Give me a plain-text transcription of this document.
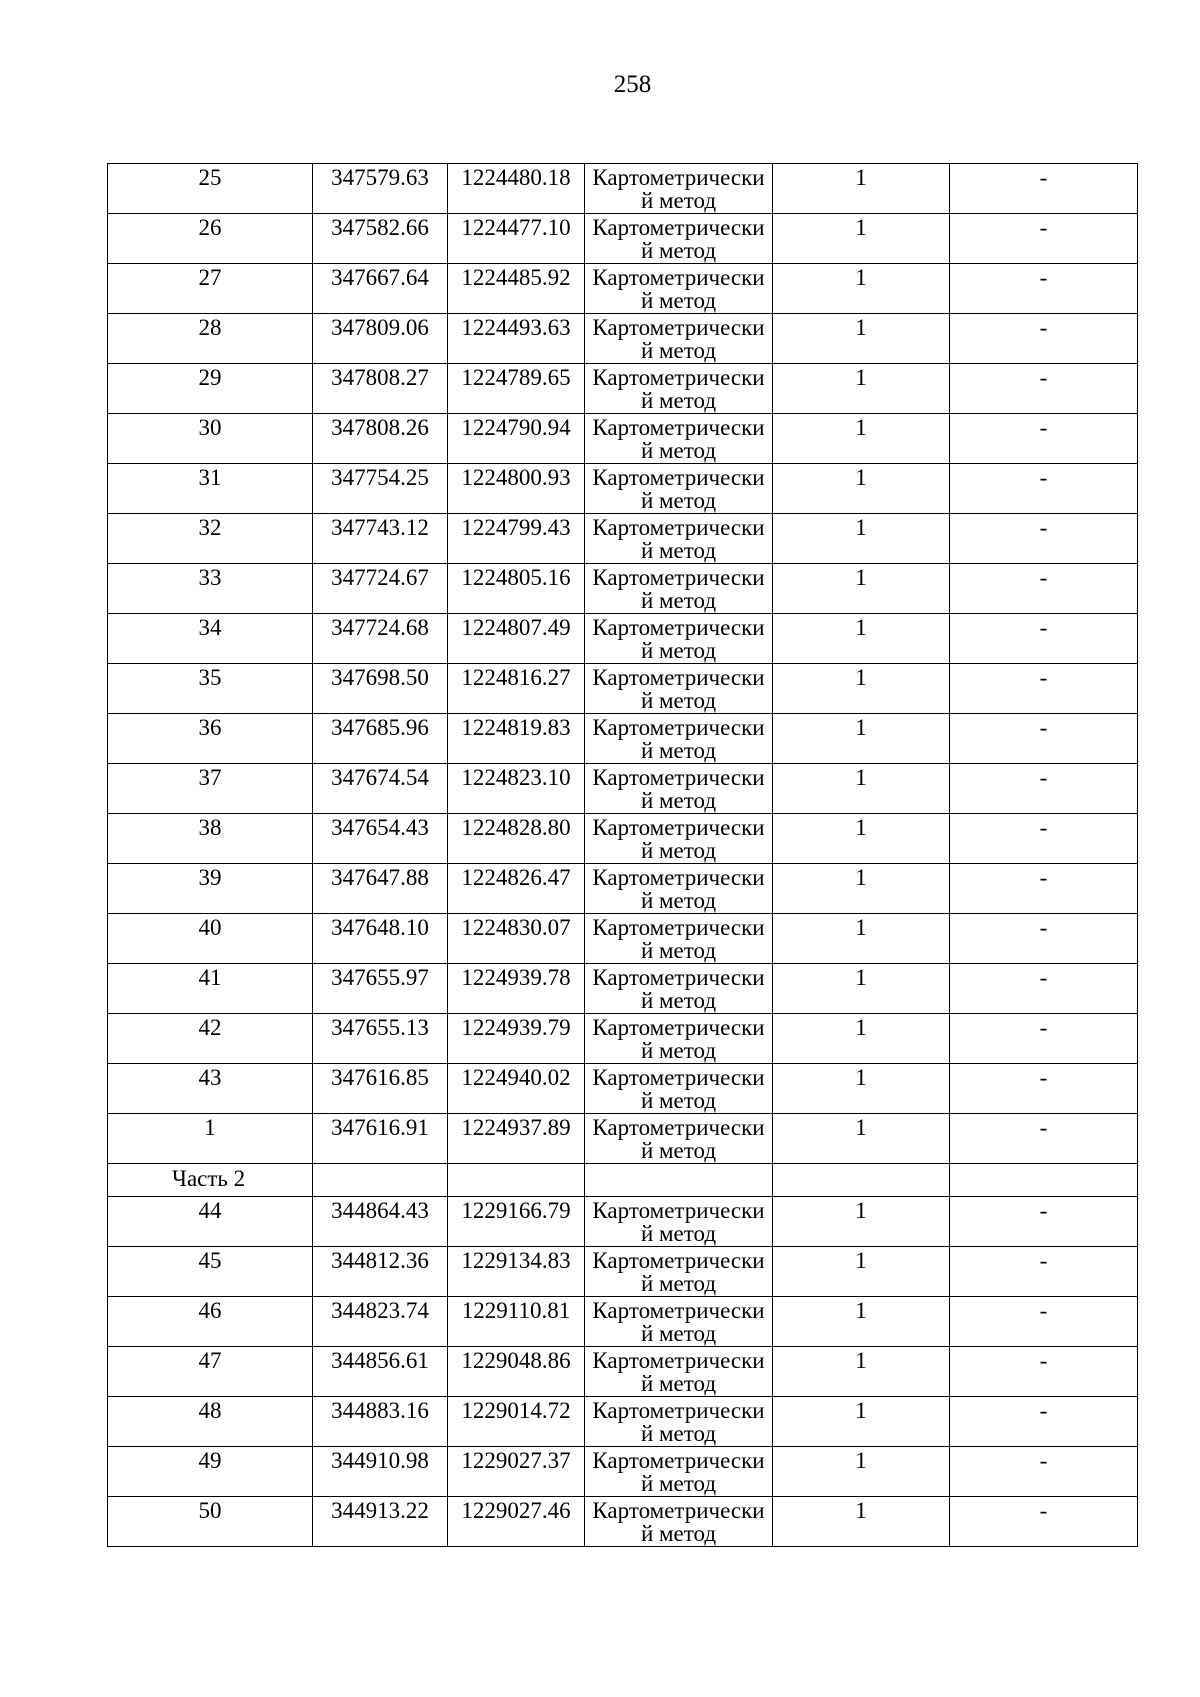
258
25	347579.63	1224480.18	Картометрически
й метод	1	-

26	347582.66	1224477.10	Картометрически
й метод	1	-

27	347667.64	1224485.92	Картометрически
й метод	1	-

28	347809.06	1224493.63	Картометрически
й метод	1	-

29	347808.27	1224789.65	Картометрически
й метод	1	-

30	347808.26	1224790.94	Картометрически
й метод	1	-

31	347754.25	1224800.93	Картометрически
й метод	1	-

32	347743.12	1224799.43	Картометрически
й метод	1	-

33	347724.67	1224805.16	Картометрически
й метод	1	-

34	347724.68	1224807.49	Картометрически
й метод	1	-

35	347698.50	1224816.27	Картометрически
й метод	1	-

36	347685.96	1224819.83	Картометрически
й метод	1	-

37	347674.54	1224823.10	Картометрически
й метод	1	-

38	347654.43	1224828.80	Картометрически
й метод	1	-

39	347647.88	1224826.47	Картометрически
й метод	1	-

40	347648.10	1224830.07	Картометрически
й метод	1	-

41	347655.97	1224939.78	Картометрически
й метод	1	-

42	347655.13	1224939.79	Картометрически
й метод	1	-

43	347616.85	1224940.02	Картометрически
й метод	1	-

1	347616.91	1224937.89	Картометрически
й метод	1	-

Часть 2					

44	344864.43	1229166.79	Картометрически
й метод	1	-

45	344812.36	1229134.83	Картометрически
й метод	1	-

46	344823.74	1229110.81	Картометрически
й метод	1	-

47	344856.61	1229048.86	Картометрически
й метод	1	-

48	344883.16	1229014.72	Картометрически
й метод	1	-

49	344910.98	1229027.37	Картометрически
й метод	1	-

50	344913.22	1229027.46	Картометрически
й метод	1	-
